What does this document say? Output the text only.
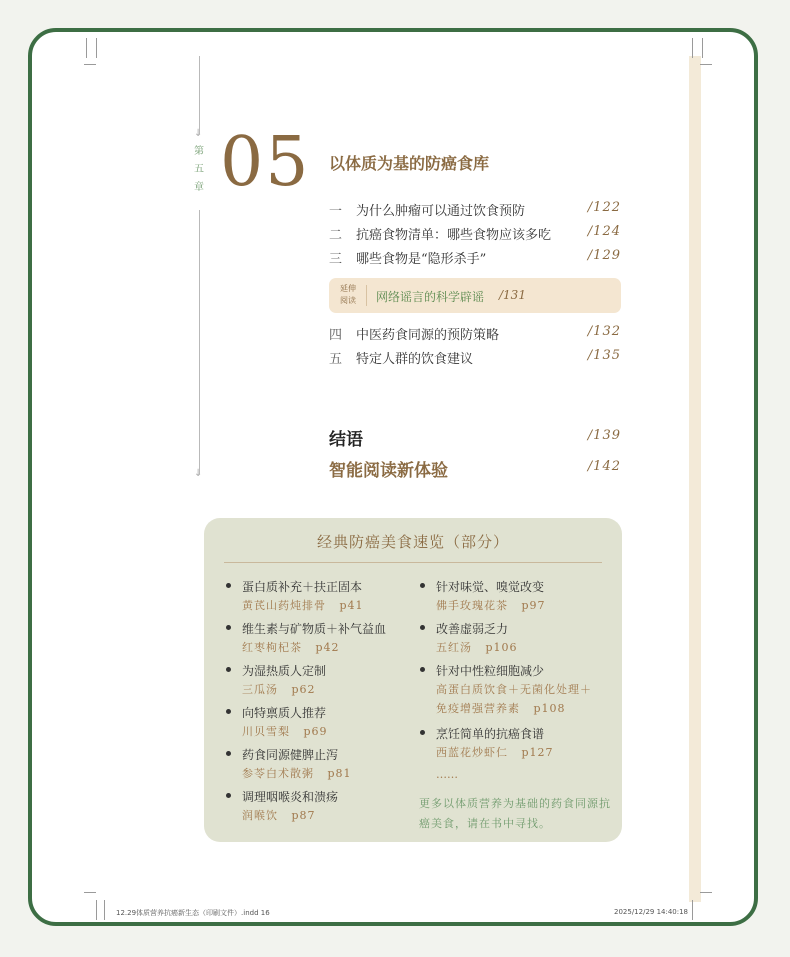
↓
第五章
↓
05 以体质为基的防癌食库
一 为什么肿瘤可以通过饮食预防	/122
二 抗癌食物清单：哪些食物应该多吃	/124
三 哪些食物是“隐形杀手”	/129
延伸阅读 网络谣言的科学辟谣 /131
四 中医药食同源的预防策略	/132
五 特定人群的饮食建议	/135
结语	/139
智能阅读新体验	/142
经典防癌美食速览（部分）
蛋白质补充＋扶正固本
黄芪山药炖排骨 p41
维生素与矿物质＋补气益血
红枣枸杞茶 p42
为湿热质人定制
三瓜汤 p62
向特禀质人推荐
川贝雪梨 p69
药食同源健脾止泻
参苓白术散粥 p81
调理咽喉炎和溃疡
润喉饮 p87
针对味觉、嗅觉改变
佛手玫瑰花茶 p97
改善虚弱乏力
五红汤 p106
针对中性粒细胞减少
高蛋白质饮食＋无菌化处理＋
免疫增强营养素 p108
烹饪简单的抗癌食谱
西蓝花炒虾仁 p127
……
更多以体质营养为基础的药食同源抗癌美食，请在书中寻找。
12.29体质营养抗癌新生态（印刷文件）.indd 16	2025/12/29 14:40:18
